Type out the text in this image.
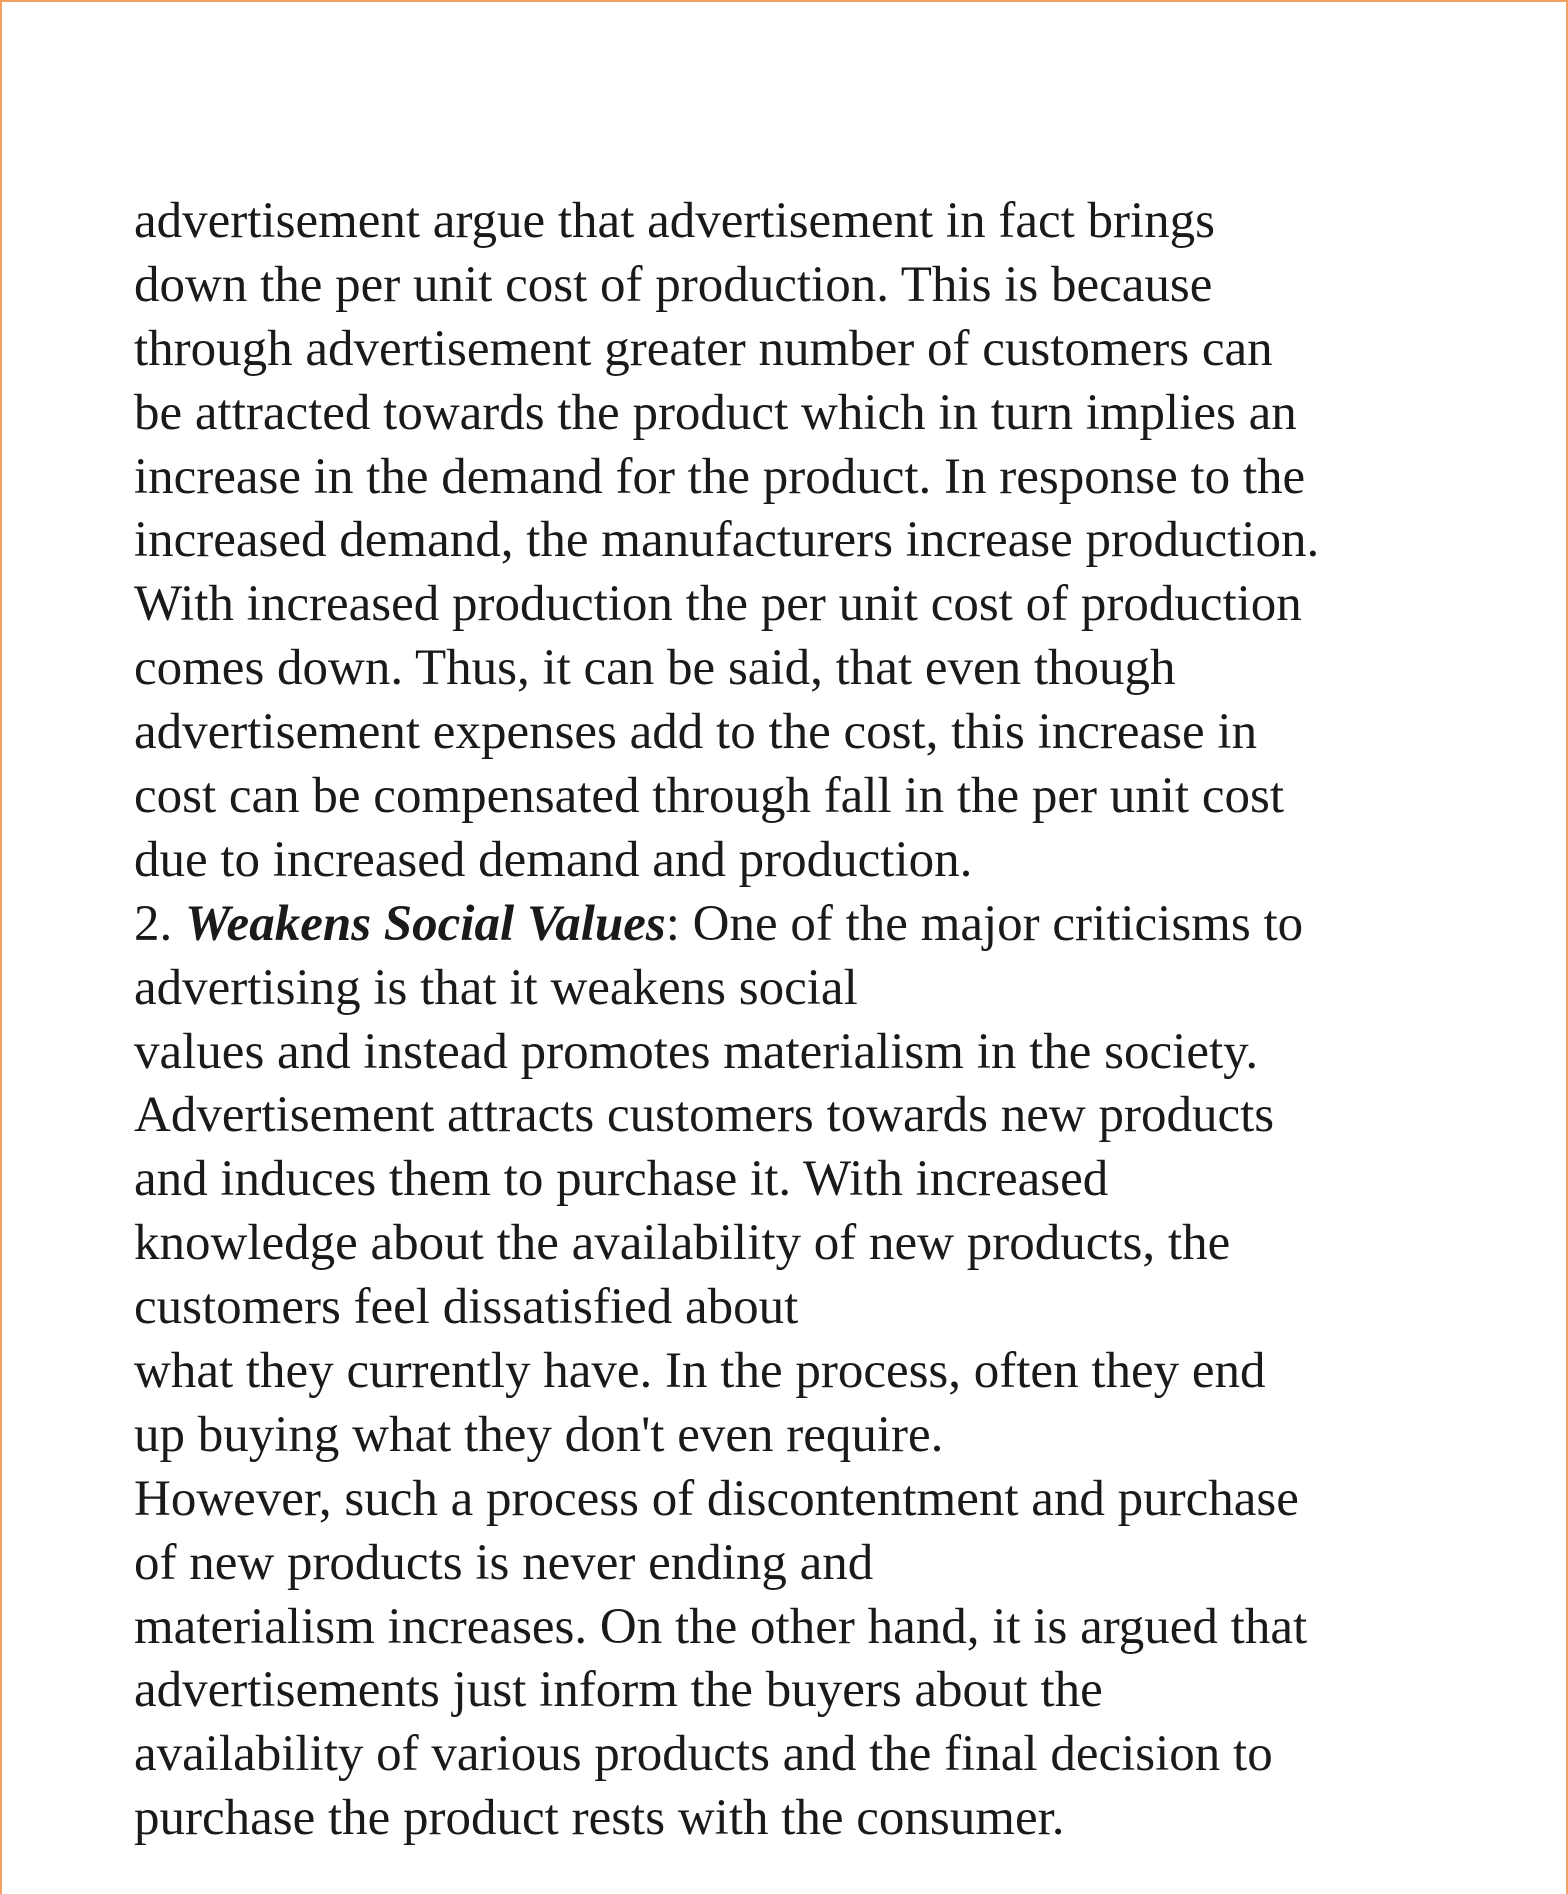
advertisement argue that advertisement in fact brings
down the per unit cost of production. This is because
through advertisement greater number of customers can
be attracted towards the product which in turn implies an
increase in the demand for the product. In response to the
increased demand, the manufacturers increase production.
With increased production the per unit cost of production
comes down. Thus, it can be said, that even though
advertisement expenses add to the cost, this increase in
cost can be compensated through fall in the per unit cost
due to increased demand and production.
2. Weakens Social Values: One of the major criticisms to
advertising is that it weakens social
values and instead promotes materialism in the society.
Advertisement attracts customers towards new products
and induces them to purchase it. With increased
knowledge about the availability of new products, the
customers feel dissatisfied about
what they currently have. In the process, often they end
up buying what they don't even require.
However, such a process of discontentment and purchase
of new products is never ending and
materialism increases. On the other hand, it is argued that
advertisements just inform the buyers about the
availability of various products and the final decision to
purchase the product rests with the consumer.
